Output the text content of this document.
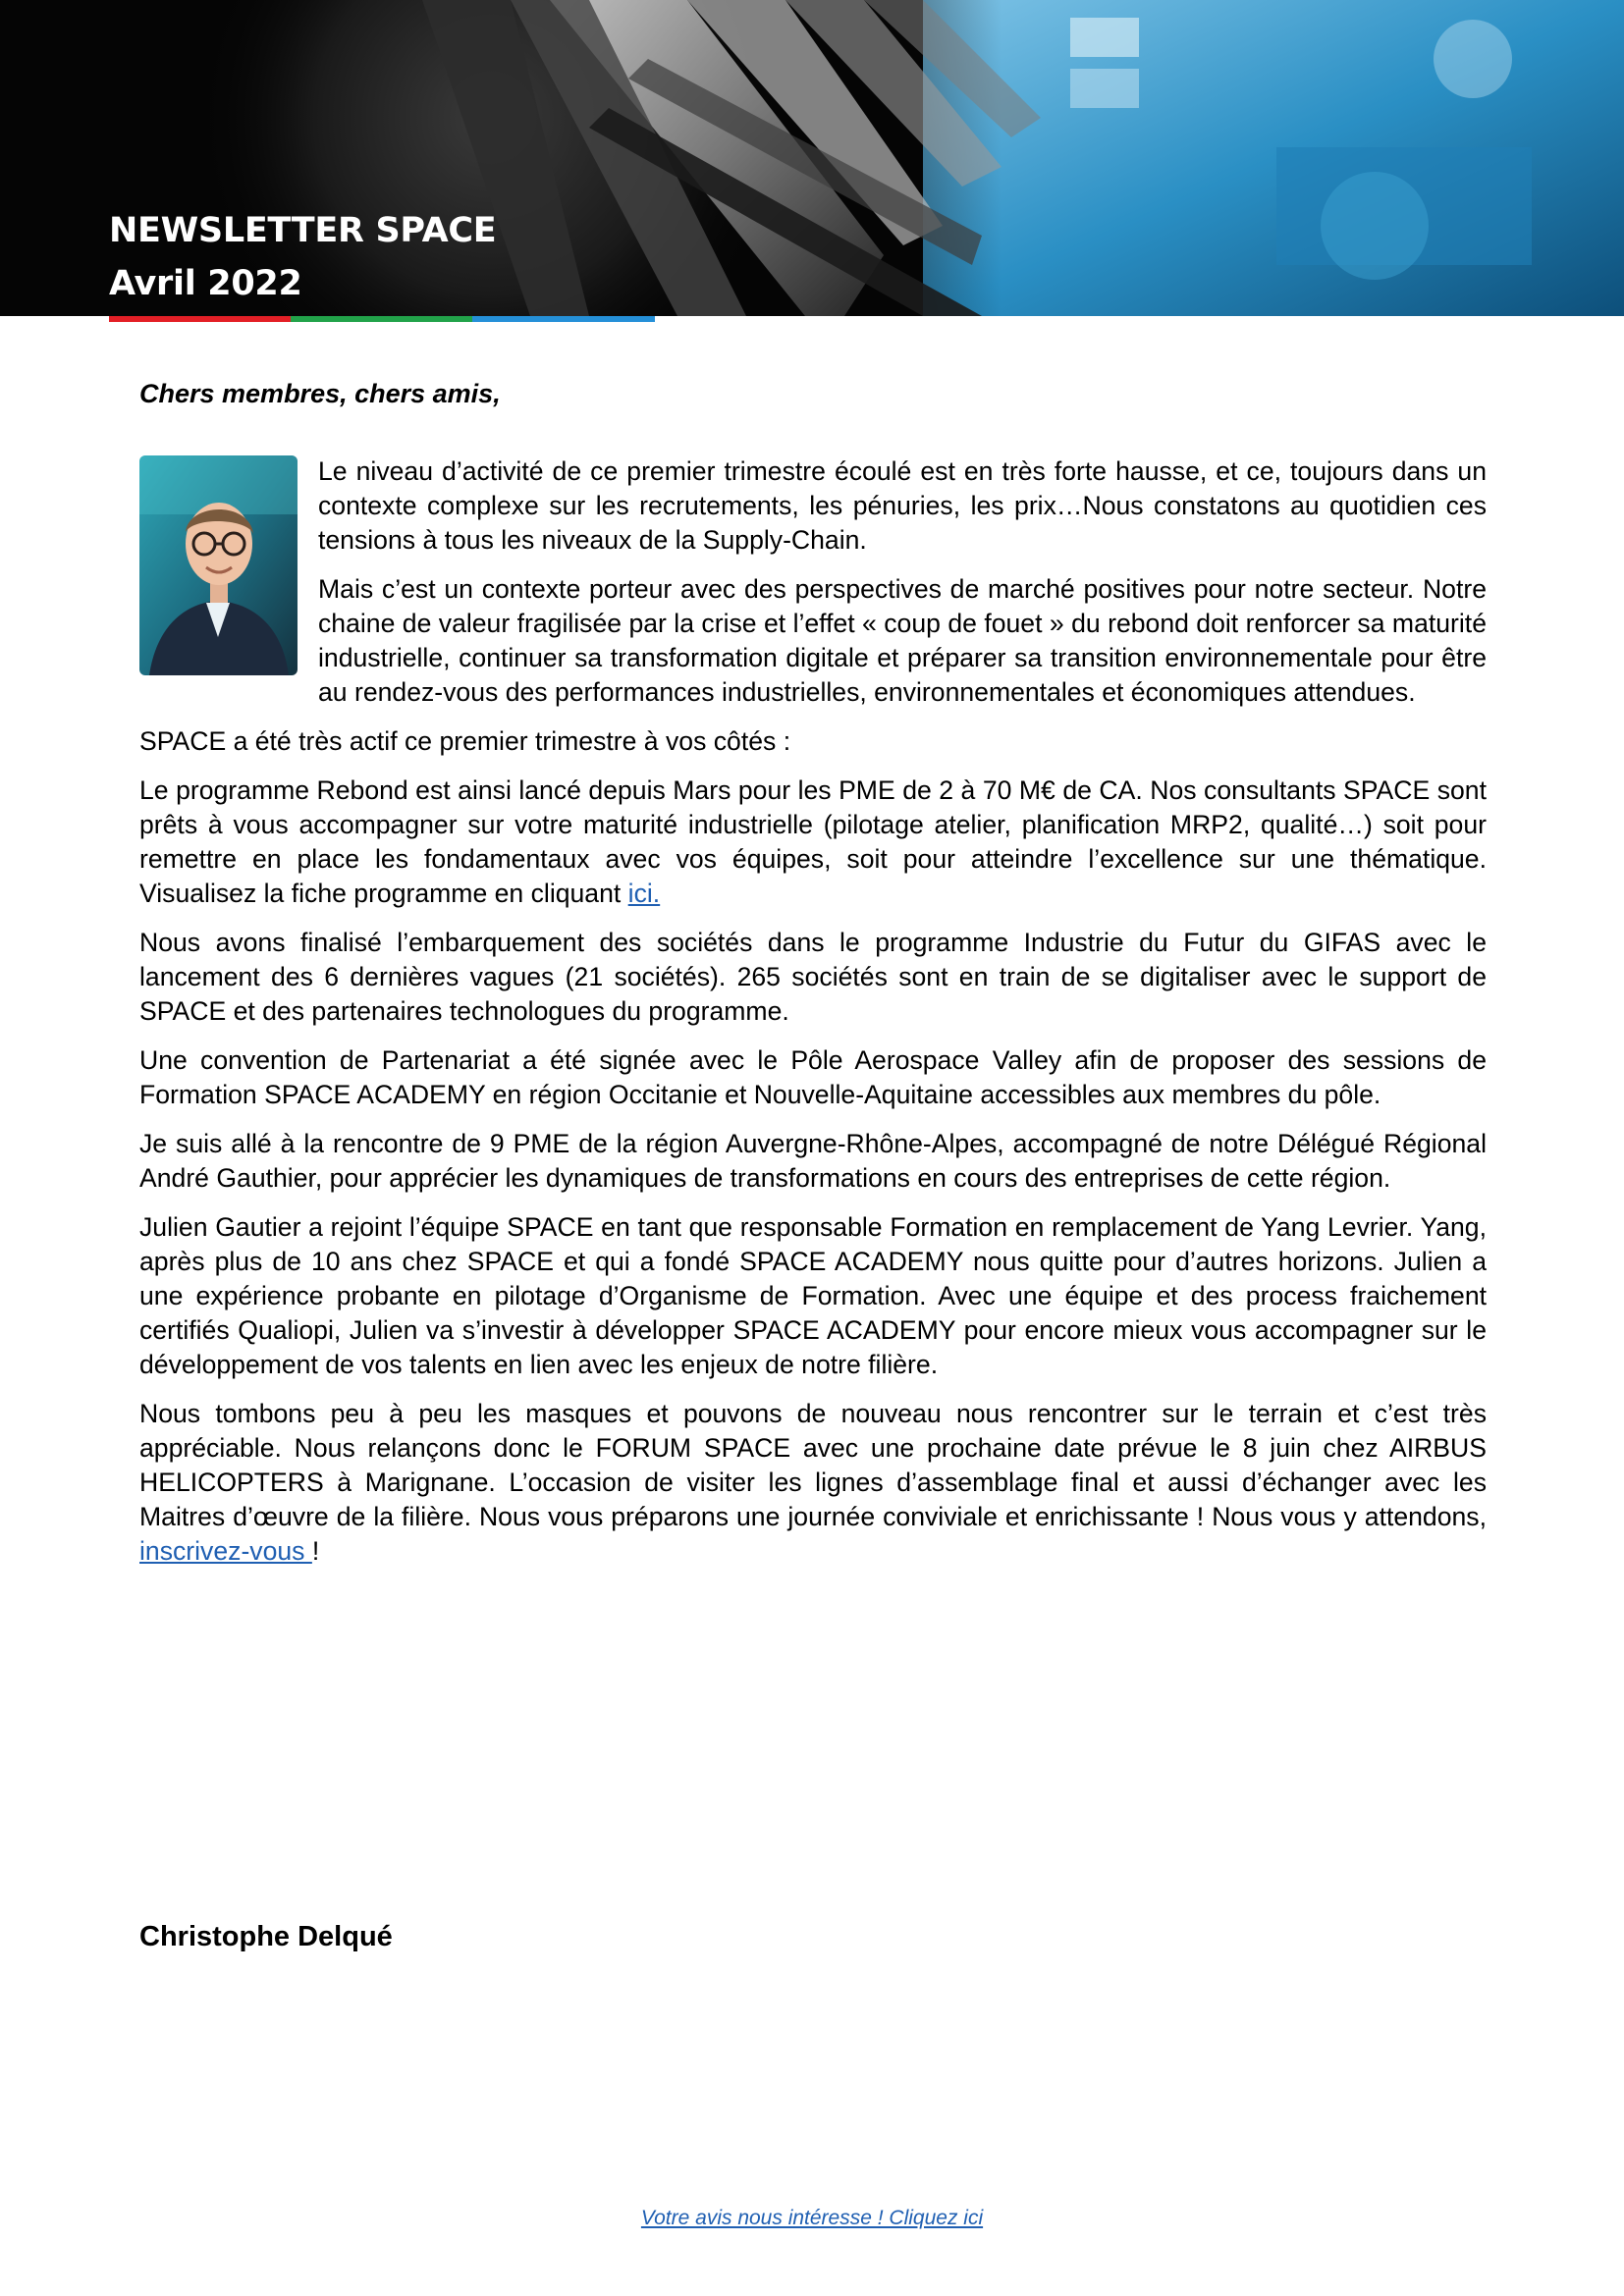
NEWSLETTER SPACE
Avril 2022

Chers membres, chers amis,

Le niveau d’activité de ce premier trimestre écoulé est en très forte hausse, et ce, toujours dans un contexte complexe sur les recrutements, les pénuries, les prix…Nous constatons au quotidien ces tensions à tous les niveaux de la Supply-Chain.

Mais c’est un contexte porteur avec des perspectives de marché positives pour notre secteur. Notre chaine de valeur fragilisée par la crise et l’effet « coup de fouet » du rebond doit renforcer sa maturité industrielle, continuer sa transformation digitale et préparer sa transition environnementale pour être au rendez-vous des performances industrielles, environnementales et économiques attendues.

SPACE a été très actif ce premier trimestre à vos côtés :

Le programme Rebond est ainsi lancé depuis Mars pour les PME de 2 à 70 M€ de CA. Nos consultants SPACE sont prêts à vous accompagner sur votre maturité industrielle (pilotage atelier, planification MRP2, qualité…) soit pour remettre en place les fondamentaux avec vos équipes, soit pour atteindre l’excellence sur une thématique. Visualisez la fiche programme en cliquant ici.

Nous avons finalisé l’embarquement des sociétés dans le programme Industrie du Futur du GIFAS avec le lancement des 6 dernières vagues (21 sociétés). 265 sociétés sont en train de se digitaliser avec le support de SPACE et des partenaires technologues du programme.

Une convention de Partenariat a été signée avec le Pôle Aerospace Valley afin de proposer des sessions de Formation SPACE ACADEMY en région Occitanie et Nouvelle-Aquitaine accessibles aux membres du pôle.

Je suis allé à la rencontre de 9 PME de la région Auvergne-Rhône-Alpes, accompagné de notre Délégué Régional André Gauthier, pour apprécier les dynamiques de transformations en cours des entreprises de cette région.

Julien Gautier a rejoint l’équipe SPACE en tant que responsable Formation en remplacement de Yang Levrier. Yang, après plus de 10 ans chez SPACE et qui a fondé SPACE ACADEMY nous quitte pour d’autres horizons. Julien a une expérience probante en pilotage d’Organisme de Formation. Avec une équipe et des process fraichement certifiés Qualiopi, Julien va s’investir à développer SPACE ACADEMY pour encore mieux vous accompagner sur le développement de vos talents en lien avec les enjeux de notre filière.

Nous tombons peu à peu les masques et pouvons de nouveau nous rencontrer sur le terrain et c’est très appréciable. Nous relançons donc le FORUM SPACE avec une prochaine date prévue le 8 juin chez AIRBUS HELICOPTERS à Marignane. L’occasion de visiter les lignes d’assemblage final et aussi d’échanger avec les Maitres d’œuvre de la filière. Nous vous préparons une journée conviviale et enrichissante ! Nous vous y attendons, inscrivez-vous !

Christophe Delqué

Votre avis nous intéresse ! Cliquez ici
